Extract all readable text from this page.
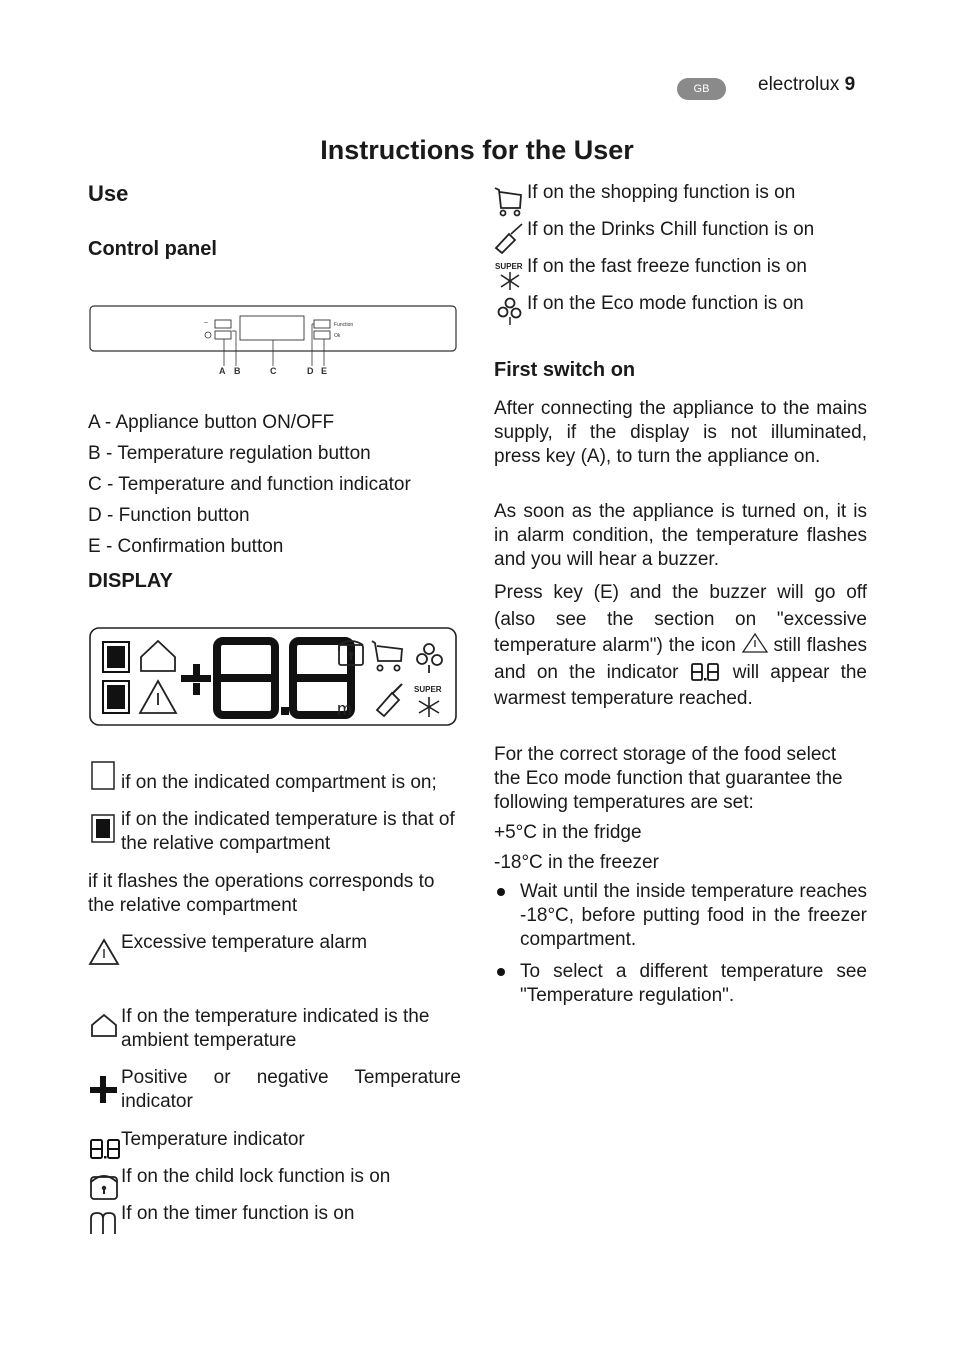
GB	electrolux 9
Instructions for the User
Use
Control panel
~	Function
Ok
A B	C	D E
A - Appliance button ON/OFF
B - Temperature regulation button
C - Temperature and function indicator
D - Function button
E - Confirmation button
DISPLAY
m
SUPER
if on the indicated compartment is on;
if on the indicated temperature is that of the relative compartment
if it flashes the operations corresponds to the relative compartment
Excessive temperature alarm
If on the temperature indicated is the ambient temperature
Positive or negative Temperature indicator
Temperature indicator
If on the child lock function is on
If on the timer function is on
If on the shopping function is on
If on the Drinks Chill function is on
SUPER If on the fast freeze function is on
If on the Eco mode function is on
First switch on
After connecting the appliance to the mains supply, if the display is not illuminated, press key (A), to turn the appliance on.
As soon as the appliance is turned on, it is in alarm condition, the temperature flashes and you will hear a buzzer.
Press key (E) and the buzzer will go off (also see the section on "excessive temperature alarm") the icon still flashes and on the indicator	will appear the warmest temperature reached.
For the correct storage of the food select the Eco mode function that guarantee the following temperatures are set:
+5°C in the fridge
-18°C in the freezer
Wait until the inside temperature reaches -18°C, before putting food in the freezer compartment.
To select a different temperature see "Temperature regulation".
